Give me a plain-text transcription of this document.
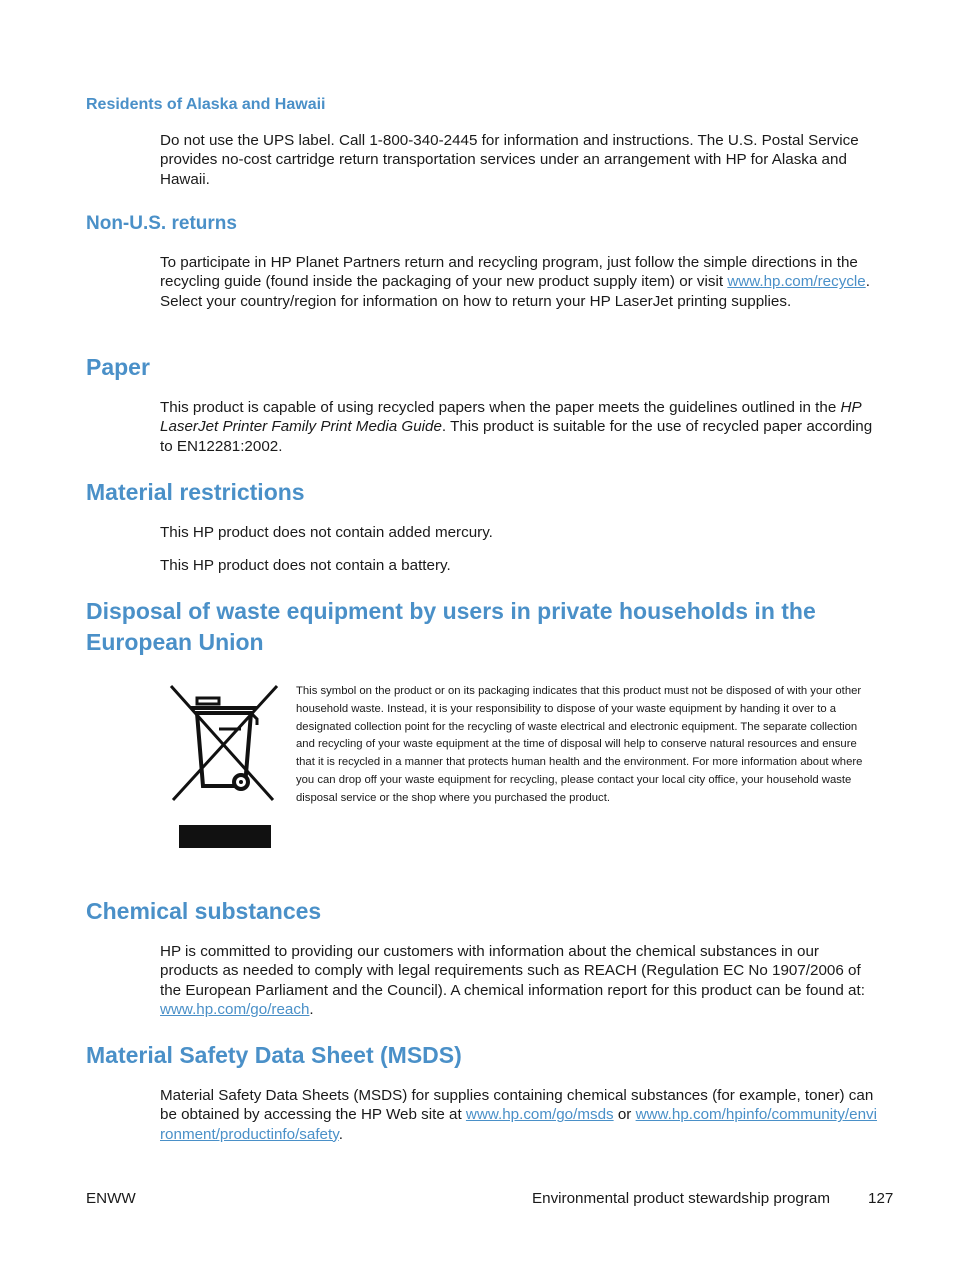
Residents of Alaska and Hawaii
Do not use the UPS label. Call 1-800-340-2445 for information and instructions. The U.S. Postal Service provides no-cost cartridge return transportation services under an arrangement with HP for Alaska and Hawaii.
Non-U.S. returns
To participate in HP Planet Partners return and recycling program, just follow the simple directions in the recycling guide (found inside the packaging of your new product supply item) or visit www.hp.com/recycle. Select your country/region for information on how to return your HP LaserJet printing supplies.
Paper
This product is capable of using recycled papers when the paper meets the guidelines outlined in the HP LaserJet Printer Family Print Media Guide. This product is suitable for the use of recycled paper according to EN12281:2002.
Material restrictions
This HP product does not contain added mercury.
This HP product does not contain a battery.
Disposal of waste equipment by users in private households in the European Union
This symbol on the product or on its packaging indicates that this product must not be disposed of with your other household waste. Instead, it is your responsibility to dispose of your waste equipment by handing it over to a designated collection point for the recycling of waste electrical and electronic equipment. The separate collection and recycling of your waste equipment at the time of disposal will help to conserve natural resources and ensure that it is recycled in a manner that protects human health and the environment. For more information about where you can drop off your waste equipment for recycling, please contact your local city office, your household waste disposal service or the shop where you purchased the product.
Chemical substances
HP is committed to providing our customers with information about the chemical substances in our products as needed to comply with legal requirements such as REACH (Regulation EC No 1907/2006 of the European Parliament and the Council). A chemical information report for this product can be found at: www.hp.com/go/reach.
Material Safety Data Sheet (MSDS)
Material Safety Data Sheets (MSDS) for supplies containing chemical substances (for example, toner) can be obtained by accessing the HP Web site at www.hp.com/go/msds or www.hp.com/hpinfo/community/environment/productinfo/safety.
ENWW	Environmental product stewardship program	127
